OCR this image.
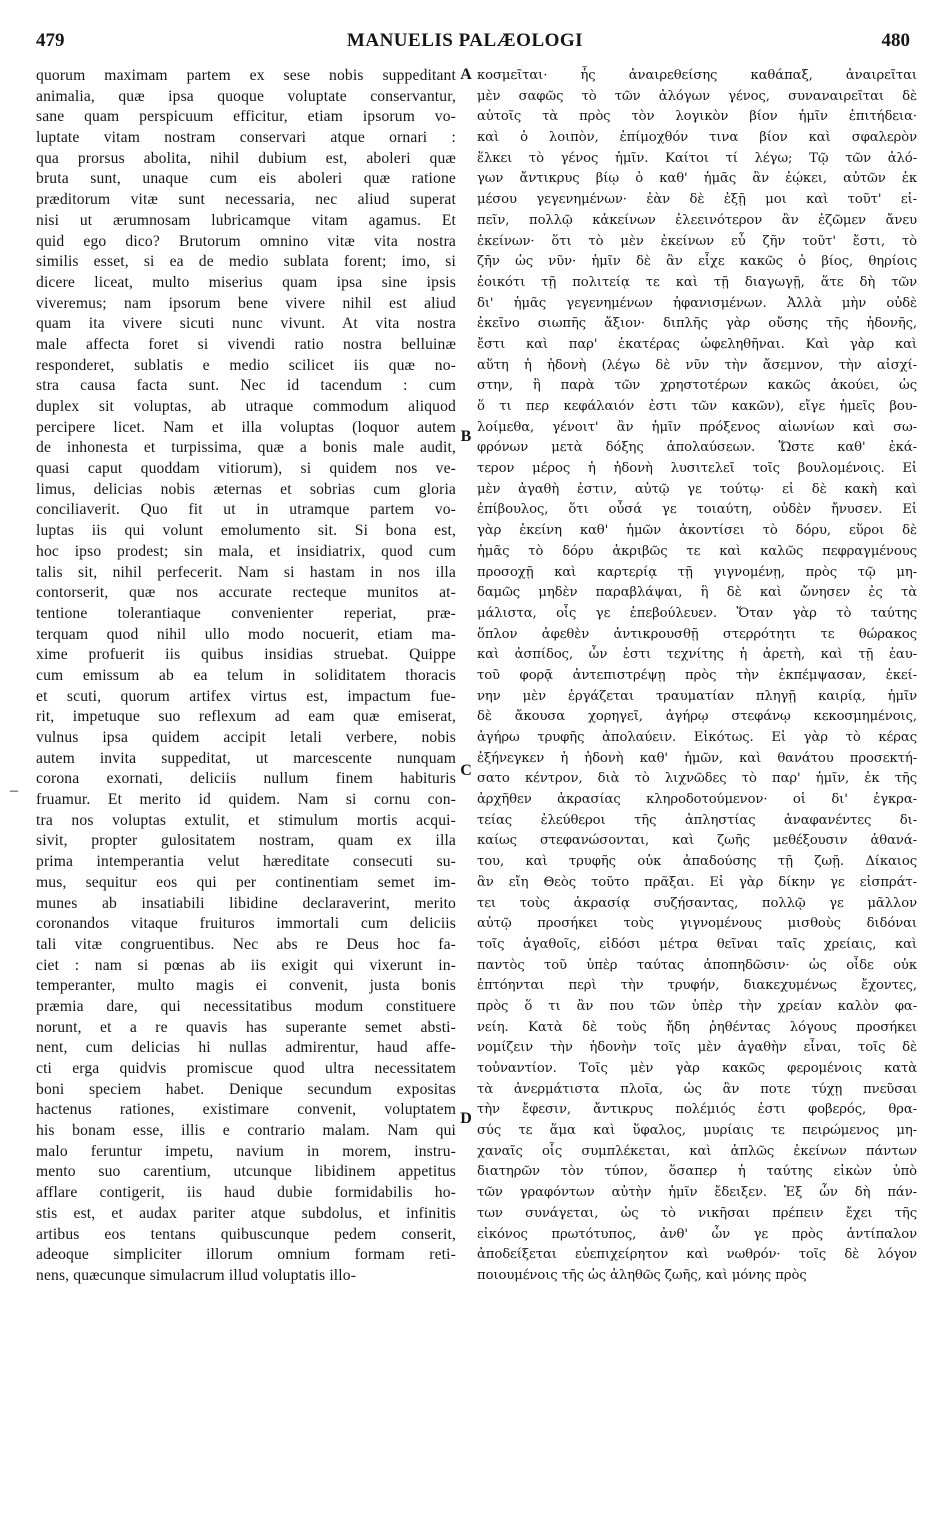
479	MANUELIS PALÆOLOGI	480
quorum maximam partem ex sese nobis suppeditant
animalia, quæ ipsa quoque voluptate conservantur,
sane quam perspicuum efficitur, etiam ipsorum vo-
luptate vitam nostram conservari atque ornari :
qua prorsus abolita, nihil dubium est, aboleri quæ
bruta sunt, unaque cum eis aboleri quæ ratione
præditorum vitæ sunt necessaria, nec aliud superat
nisi ut ærumnosam lubricamque vitam agamus. Et
quid ego dico? Brutorum omnino vitæ vita nostra
similis esset, si ea de medio sublata forent; imo, si
dicere liceat, multo miserius quam ipsa sine ipsis
viveremus; nam ipsorum bene vivere nihil est aliud
quam ita vivere sicuti nunc vivunt. At vita nostra
male affecta foret si vivendi ratio nostra belluinæ
responderet, sublatis e medio scilicet iis quæ no-
stra causa facta sunt. Nec id tacendum : cum
duplex sit voluptas, ab utraque commodum aliquod
percipere licet. Nam et illa voluptas (loquor autem
de inhonesta et turpissima, quæ a bonis male audit,
quasi caput quoddam vitiorum), si quidem nos ve-
limus, delicias nobis æternas et sobrias cum gloria
conciliaverit. Quo fit ut in utramque partem vo-
luptas iis qui volunt emolumento sit. Si bona est,
hoc ipso prodest; sin mala, et insidiatrix, quod cum
talis sit, nihil perfecerit. Nam si hastam in nos illa
contorserit, quæ nos accurate recteque munitos at-
tentione tolerantiaque convenienter reperiat, præ-
terquam quod nihil ullo modo nocuerit, etiam ma-
xime profuerit iis quibus insidias struebat. Quippe
cum emissum ab ea telum in soliditatem thoracis
et scuti, quorum artifex virtus est, impactum fue-
rit, impetuque suo reflexum ad eam quæ emiserat,
vulnus ipsa quidem accipit letali verbere, nobis
autem invita suppeditat, ut marcescente nunquam
corona exornati, deliciis nullum finem habituris
fruamur. Et merito id quidem. Nam si cornu con-
tra nos voluptas extulit, et stimulum mortis acqui-
sivit, propter gulositatem nostram, quam ex illa
prima intemperantia velut hæreditate consecuti su-
mus, sequitur eos qui per continentiam semet im-
munes ab insatiabili libidine declaraverint, merito
coronandos vitaque fruituros immortali cum deliciis
tali vitæ congruentibus. Nec abs re Deus hoc fa-
ciet : nam si pœnas ab iis exigit qui vixerunt in-
temperanter, multo magis ei convenit, justa bonis
præmia dare, qui necessitatibus modum constituere
norunt, et a re quavis has superante semet absti-
nent, cum delicias hi nullas admirentur, haud affe-
cti erga quidvis promiscue quod ultra necessitatem
boni speciem habet. Denique secundum expositas
hactenus rationes, existimare convenit, voluptatem
his bonam esse, illis e contrario malam. Nam qui
malo feruntur impetu, navium in morem, instru-
mento suo carentium, utcunque libidinem appetitus
afflare contigerit, iis haud dubie formidabilis ho-
stis est, et audax pariter atque subdolus, et infinitis
artibus eos tentans quibuscunque pedem conserit,
adeoque simpliciter illorum omnium formam reti-
nens, quæcunque simulacrum illud voluptatis illo-
κοσμεῖται· ἧς ἀναιρεθείσης καθάπαξ, ἀναιρεῖται
μὲν σαφῶς τὸ τῶν ἀλόγων γένος, συναναιρεῖται δὲ
αὐτοῖς τὰ πρὸς τὸν λογικὸν βίον ἡμῖν ἐπιτήδεια·
καὶ ὁ λοιπὸν, ἐπίμοχθόν τινα βίον καὶ σφαλερὸν
ἕλκει τὸ γένος ἡμῖν. Καίτοι τί λέγω; Τῷ τῶν ἀλό-
γων ἄντικρυς βίῳ ὁ καθ' ἡμᾶς ἂν ἐῴκει, αὐτῶν ἐκ
μέσου γεγενημένων· ἐὰν δὲ ἐξῇ μοι καὶ τοῦτ' εἰ-
πεῖν, πολλῷ κἀκείνων ἐλεεινότερον ἂν ἐζῶμεν ἄνευ
ἐκείνων· ὅτι τὸ μὲν ἐκείνων εὖ ζῆν τοῦτ' ἔστι, τὸ
ζῆν ὡς νῦν· ἡμῖν δὲ ἂν εἶχε κακῶς ὁ βίος, θηρίοις
ἐοικότι τῇ πολιτείᾳ τε καὶ τῇ διαγωγῇ, ἅτε δὴ τῶν
δι' ἡμᾶς γεγενημένων ἠφανισμένων. Ἀλλὰ μὴν οὐδὲ
ἐκεῖνο σιωπῆς ἄξιον· διπλῆς γὰρ οὔσης τῆς ἡδονῆς,
ἔστι καὶ παρ' ἑκατέρας ὠφεληθῆναι. Καὶ γὰρ καὶ
αὕτη ἡ ἡδονὴ (λέγω δὲ νῦν τὴν ἄσεμνον, τὴν αἰσχί-
στην, ἣ παρὰ τῶν χρηστοτέρων κακῶς ἀκούει, ὡς
ὅ τι περ κεφάλαιόν ἐστι τῶν κακῶν), εἴγε ἡμεῖς βου-
λοίμεθα, γένοιτ' ἂν ἡμῖν πρόξενος αἰωνίων καὶ σω-
φρόνων μετὰ δόξης ἀπολαύσεων. Ὥστε καθ' ἑκά-
τερον μέρος ἡ ἡδονὴ λυσιτελεῖ τοῖς βουλομένοις. Εἰ
μὲν ἀγαθὴ ἐστιν, αὐτῷ γε τούτῳ· εἰ δὲ κακὴ καὶ
ἐπίβουλος, ὅτι οὖσά γε τοιαύτη, οὐδὲν ἤνυσεν. Εἰ
γὰρ ἐκείνη καθ' ἡμῶν ἀκοντίσει τὸ δόρυ, εὕροι δὲ
ἡμᾶς τὸ δόρυ ἀκριβῶς τε καὶ καλῶς πεφραγμένους
προσοχῇ καὶ καρτερίᾳ τῇ γιγνομένῃ, πρὸς τῷ μη-
δαμῶς μηδὲν παραβλάψαι, ἣ δὲ καὶ ὤνησεν ἐς τὰ
μάλιστα, οἷς γε ἐπεβούλευεν. Ὅταν γὰρ τὸ ταύτης
ὅπλον ἀφεθὲν ἀντικρουσθῇ στερρότητι τε θώρακος
καὶ ἀσπίδος, ὧν ἐστι τεχνίτης ἡ ἀρετὴ, καὶ τῇ ἑαυ-
τοῦ φορᾷ ἀντεπιστρέψῃ πρὸς τὴν ἐκπέμψασαν, ἐκεί-
νην μὲν ἐργάζεται τραυματίαν πληγῇ καιρίᾳ, ἡμῖν
δὲ ἄκουσα χορηγεῖ, ἀγήρῳ στεφάνῳ κεκοσμημένοις,
ἀγήρω τρυφῆς ἀπολαύειν. Εἰκότως. Εἰ γὰρ τὸ κέρας
ἐξήνεγκεν ἡ ἡδονὴ καθ' ἡμῶν, καὶ θανάτου προσεκτή-
σατο κέντρον, διὰ τὸ λιχνῶδες τὸ παρ' ἡμῖν, ἐκ τῆς
ἀρχῆθεν ἀκρασίας κληροδοτούμενον· οἱ δι' ἐγκρα-
τείας ἐλεύθεροι τῆς ἀπληστίας ἀναφανέντες δι-
καίως στεφανώσονται, καὶ ζωῆς μεθέξουσιν ἀθανά-
του, καὶ τρυφῆς οὐκ ἀπαδούσης τῇ ζωῇ. Δίκαιος
ἂν εἴη Θεὸς τοῦτο πρᾶξαι. Εἰ γὰρ δίκην γε εἰσπράτ-
τει τοὺς ἀκρασίᾳ συζήσαντας, πολλῷ γε μᾶλλον
αὐτῷ προσήκει τοὺς γιγνομένους μισθοὺς διδόναι
τοῖς ἀγαθοῖς, εἰδόσι μέτρα θεῖναι ταῖς χρείαις, καὶ
παντὸς τοῦ ὑπὲρ ταύτας ἀποπηδῶσιν· ὡς οἶδε οὐκ
ἐπτόηνται περὶ τὴν τρυφήν, διακεχυμένως ἔχοντες,
πρὸς ὅ τι ἂν που τῶν ὑπὲρ τὴν χρείαν καλὸν φα-
νείη. Κατὰ δὲ τοὺς ἤδη ῥηθέντας λόγους προσήκει
νομίζειν τὴν ἡδονὴν τοῖς μὲν ἀγαθὴν εἶναι, τοῖς δὲ
τοὐναντίον. Τοῖς μὲν γὰρ κακῶς φερομένοις κατὰ
τὰ ἀνερμάτιστα πλοῖα, ὡς ἂν ποτε τύχῃ πνεῦσαι
τὴν ἔφεσιν, ἄντικρυς πολέμιός ἐστι φοβερός, θρα-
σύς τε ἅμα καὶ ὕφαλος, μυρίαις τε πειρώμενος μη-
χαναῖς οἷς συμπλέκεται, καὶ ἁπλῶς ἐκείνων πάντων
διατηρῶν τὸν τύπον, ὅσαπερ ἡ ταύτης εἰκὼν ὑπὸ
τῶν γραφόντων αὐτὴν ἡμῖν ἔδειξεν. Ἐξ ὧν δὴ πάν-
των συνάγεται, ὡς τὸ νικῆσαι πρέπειν ἔχει τῆς
εἰκόνος πρωτότυπος, ἀνθ' ὧν γε πρὸς ἀντίπαλον
ἀποδείξεται εὐεπιχείρητον καὶ νωθρόν· τοῖς δὲ λόγον
ποιουμένοις τῆς ὡς ἀληθῶς ζωῆς, καὶ μόνης πρὸς
A
B
C
D
–
